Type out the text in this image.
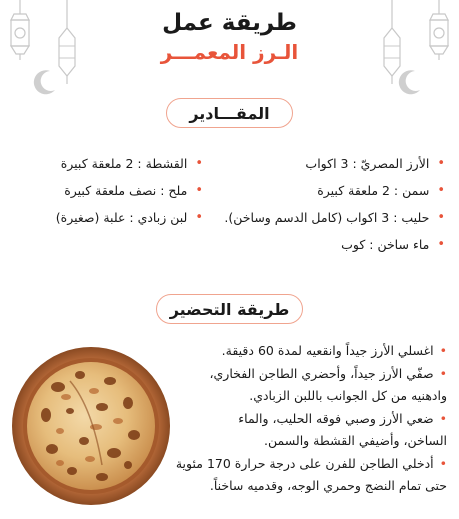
طريقة عمل
الـرز المعمـــر
المقـــادير
•
الأرز المصريّ : 3 اكواب
•
سمن : 2 ملعقة كبيرة
•
حليب : 3 اكواب (كامل الدسم وساخن).
•
ماء ساخن : كوب
•
القشطة : 2 ملعقة كبيرة
•
ملح : نصف ملعقة كبيرة
•
لبن زبادي : علبة (صغيرة)
طريقة التحضير
•اغسلي الأرز جيداً وانقعيه لمدة 60 دقيقة.
•صفّي الأرز جيداً، وأحضري الطاجن الفخاري،
وادهنيه من كل الجوانب باللبن الزبادي.
•ضعي الأرز وصبي فوقه الحليب، والماء
الساخن، وأضيفي القشطة والسمن.
•أدخلي الطاجن للفرن على درجة حرارة 170 مئوية
حتى تمام النضج وحمري الوجه، وقدميه ساخناً.
